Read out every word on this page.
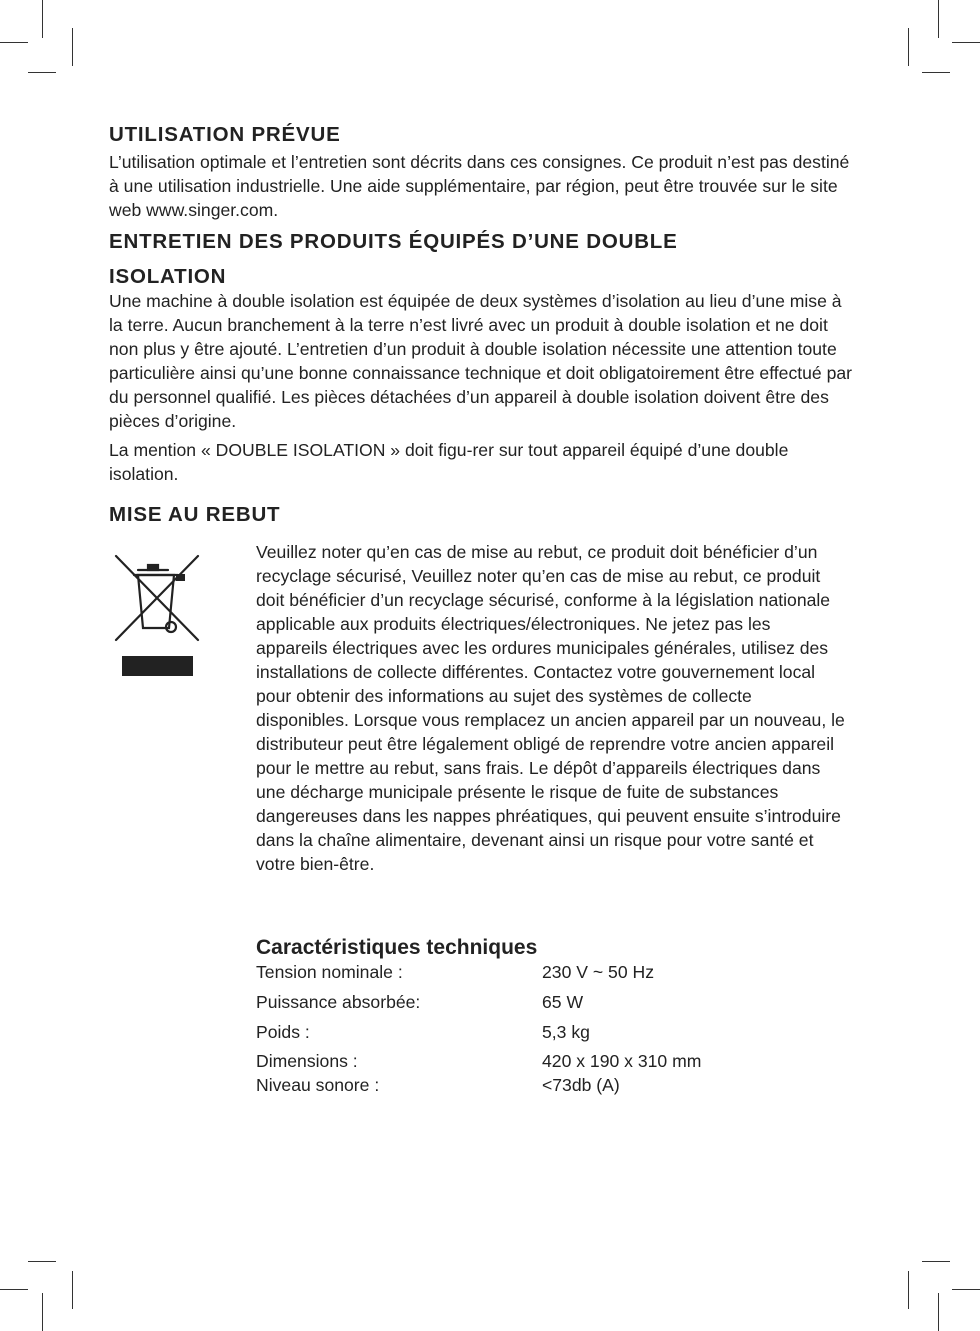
UTILISATION PRÉVUE

L’utilisation optimale et l’entretien sont décrits dans ces consignes. Ce produit n’est pas destiné à une utilisation industrielle. Une aide supplémentaire, par région, peut être trouvée sur le site web www.singer.com.

ENTRETIEN DES PRODUITS ÉQUIPÉS D’UNE DOUBLE
ISOLATION

Une machine à double isolation est équipée de deux systèmes d’isolation au lieu d’une mise à la terre. Aucun branchement à la terre n’est livré avec un produit à double isolation et ne doit non plus y être ajouté. L’entretien d’un produit à double isolation nécessite une attention toute particulière ainsi qu’une bonne connaissance technique et doit obligatoirement être effectué par du personnel qualifié. Les pièces détachées d’un appareil à double isolation doivent être des pièces d’origine.

La mention « DOUBLE ISOLATION » doit figu-rer sur tout appareil équipé d’une double isolation.

MISE AU REBUT

Veuillez noter qu’en cas de mise au rebut, ce produit doit bénéficier d’un recyclage sécurisé, Veuillez noter qu’en cas de mise au rebut, ce produit doit bénéficier d’un recyclage sécurisé, conforme à la législation nationale applicable aux produits électriques/électroniques. Ne jetez pas les appareils électriques avec les ordures municipales générales, utilisez des installations de collecte différentes. Contactez votre gouvernement local pour obtenir des informations au sujet des systèmes de collecte disponibles. Lorsque vous remplacez un ancien appareil par un nouveau, le distributeur peut être légalement obligé de reprendre votre ancien appareil pour le mettre au rebut, sans frais. Le dépôt d’appareils électriques dans une décharge municipale présente le risque de fuite de substances dangereuses dans les nappes phréatiques, qui peuvent ensuite s’introduire dans la chaîne alimentaire, devenant ainsi un risque pour votre santé et votre bien-être.

Caractéristiques techniques
Tension nominale :	230 V ~ 50 Hz
Puissance absorbée:	65 W
Poids :	5,3 kg
Dimensions :	420 x 190 x 310 mm
Niveau sonore :	<73db (A)
